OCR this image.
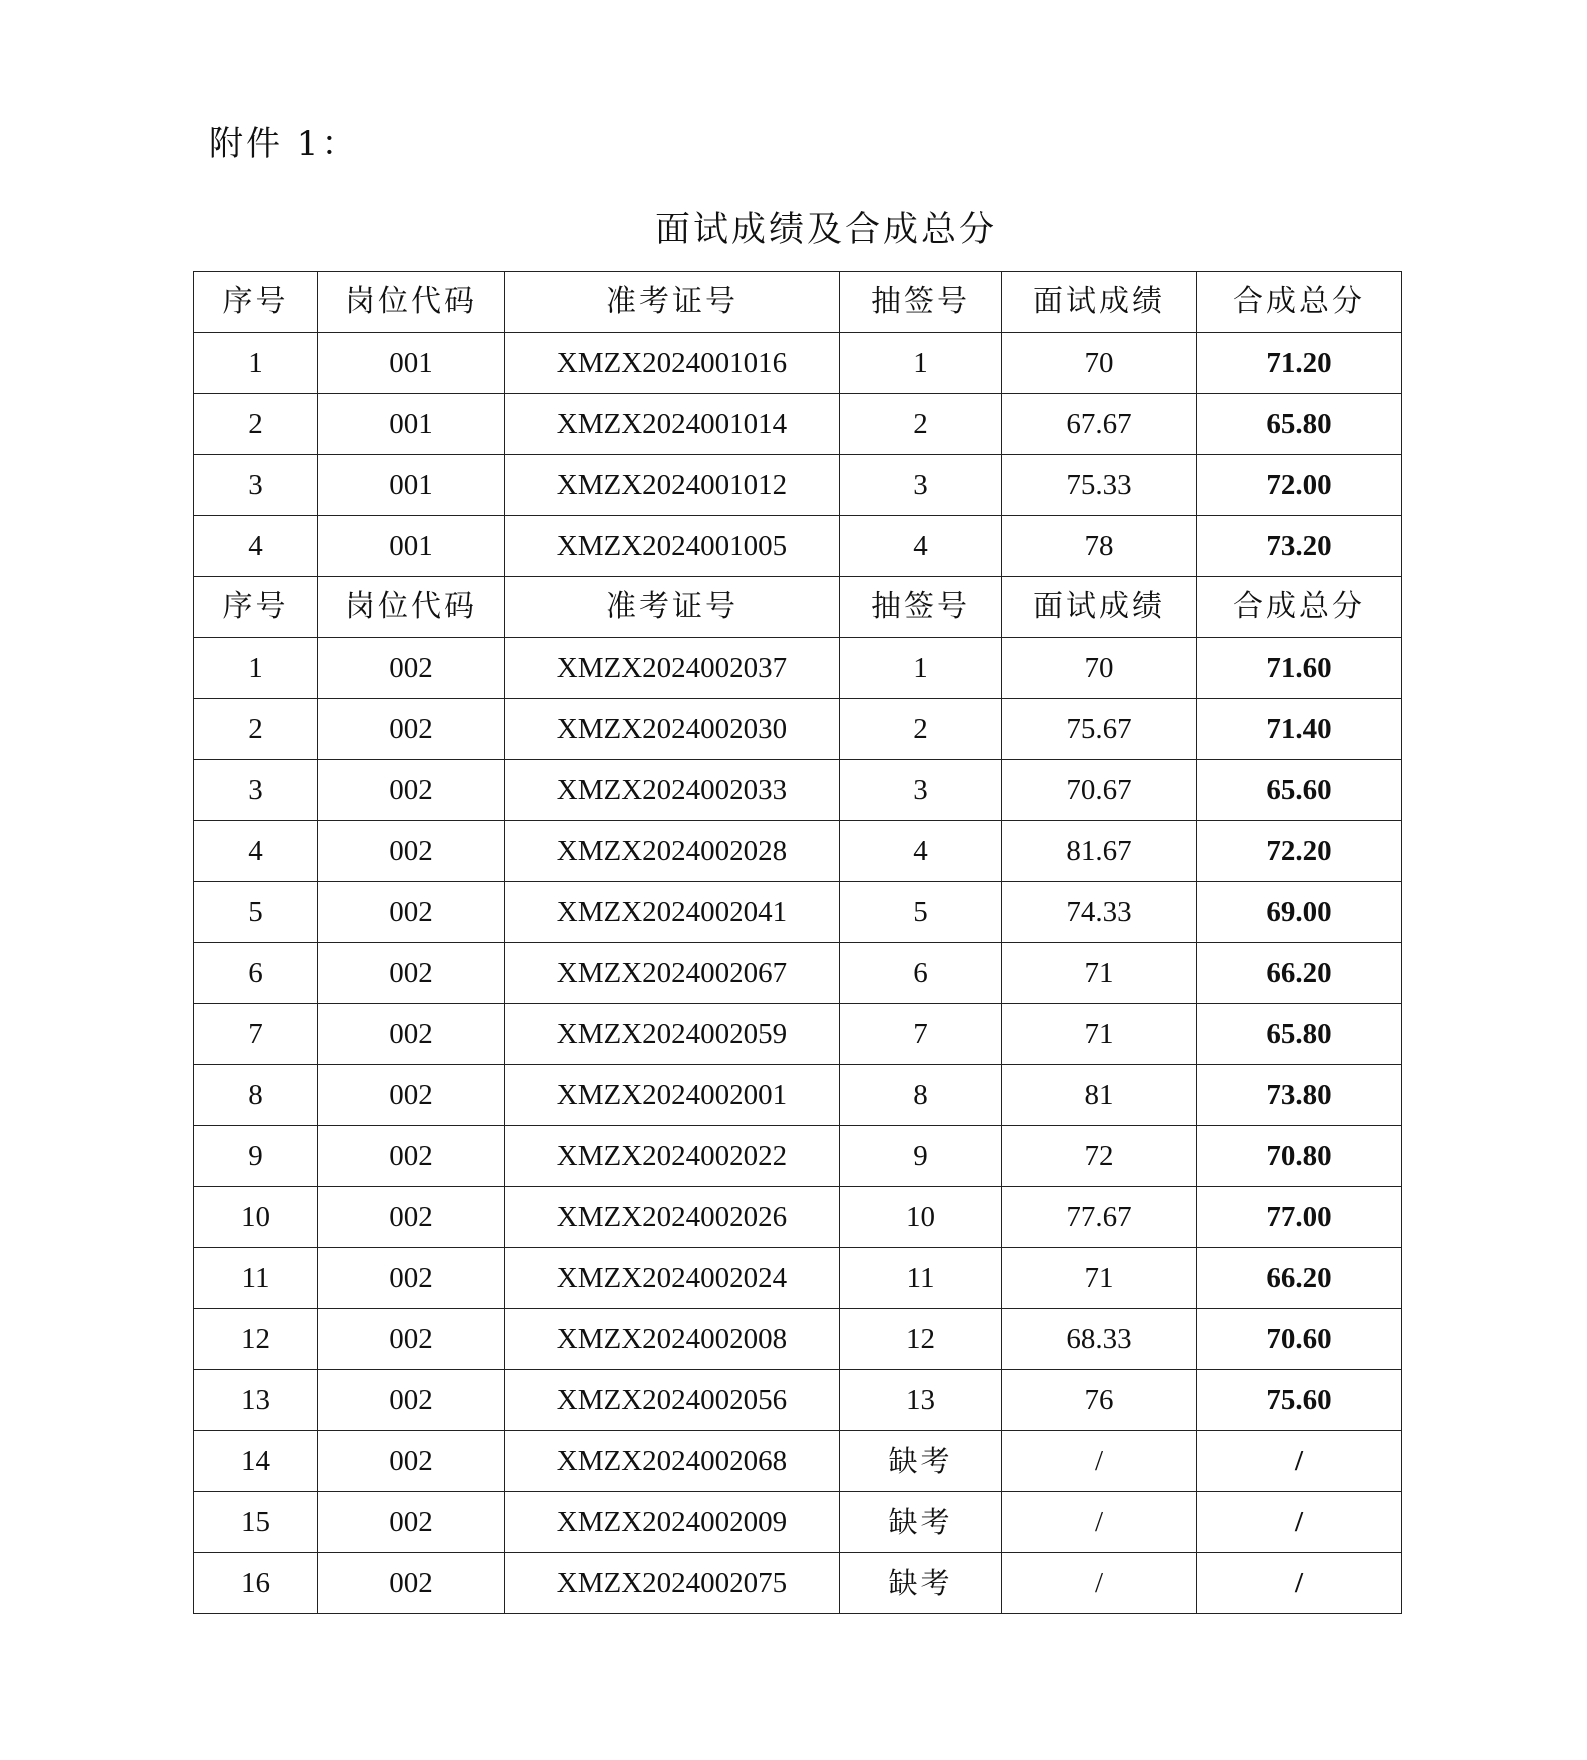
附件 1：
面试成绩及合成总分
序号	岗位代码	准考证号	抽签号	面试成绩	合成总分
1	001	XMZX2024001016	1	70	71.20
2	001	XMZX2024001014	2	67.67	65.80
3	001	XMZX2024001012	3	75.33	72.00
4	001	XMZX2024001005	4	78	73.20
序号	岗位代码	准考证号	抽签号	面试成绩	合成总分
1	002	XMZX2024002037	1	70	71.60
2	002	XMZX2024002030	2	75.67	71.40
3	002	XMZX2024002033	3	70.67	65.60
4	002	XMZX2024002028	4	81.67	72.20
5	002	XMZX2024002041	5	74.33	69.00
6	002	XMZX2024002067	6	71	66.20
7	002	XMZX2024002059	7	71	65.80
8	002	XMZX2024002001	8	81	73.80
9	002	XMZX2024002022	9	72	70.80
10	002	XMZX2024002026	10	77.67	77.00
11	002	XMZX2024002024	11	71	66.20
12	002	XMZX2024002008	12	68.33	70.60
13	002	XMZX2024002056	13	76	75.60
14	002	XMZX2024002068	缺考	/	/
15	002	XMZX2024002009	缺考	/	/
16	002	XMZX2024002075	缺考	/	/
